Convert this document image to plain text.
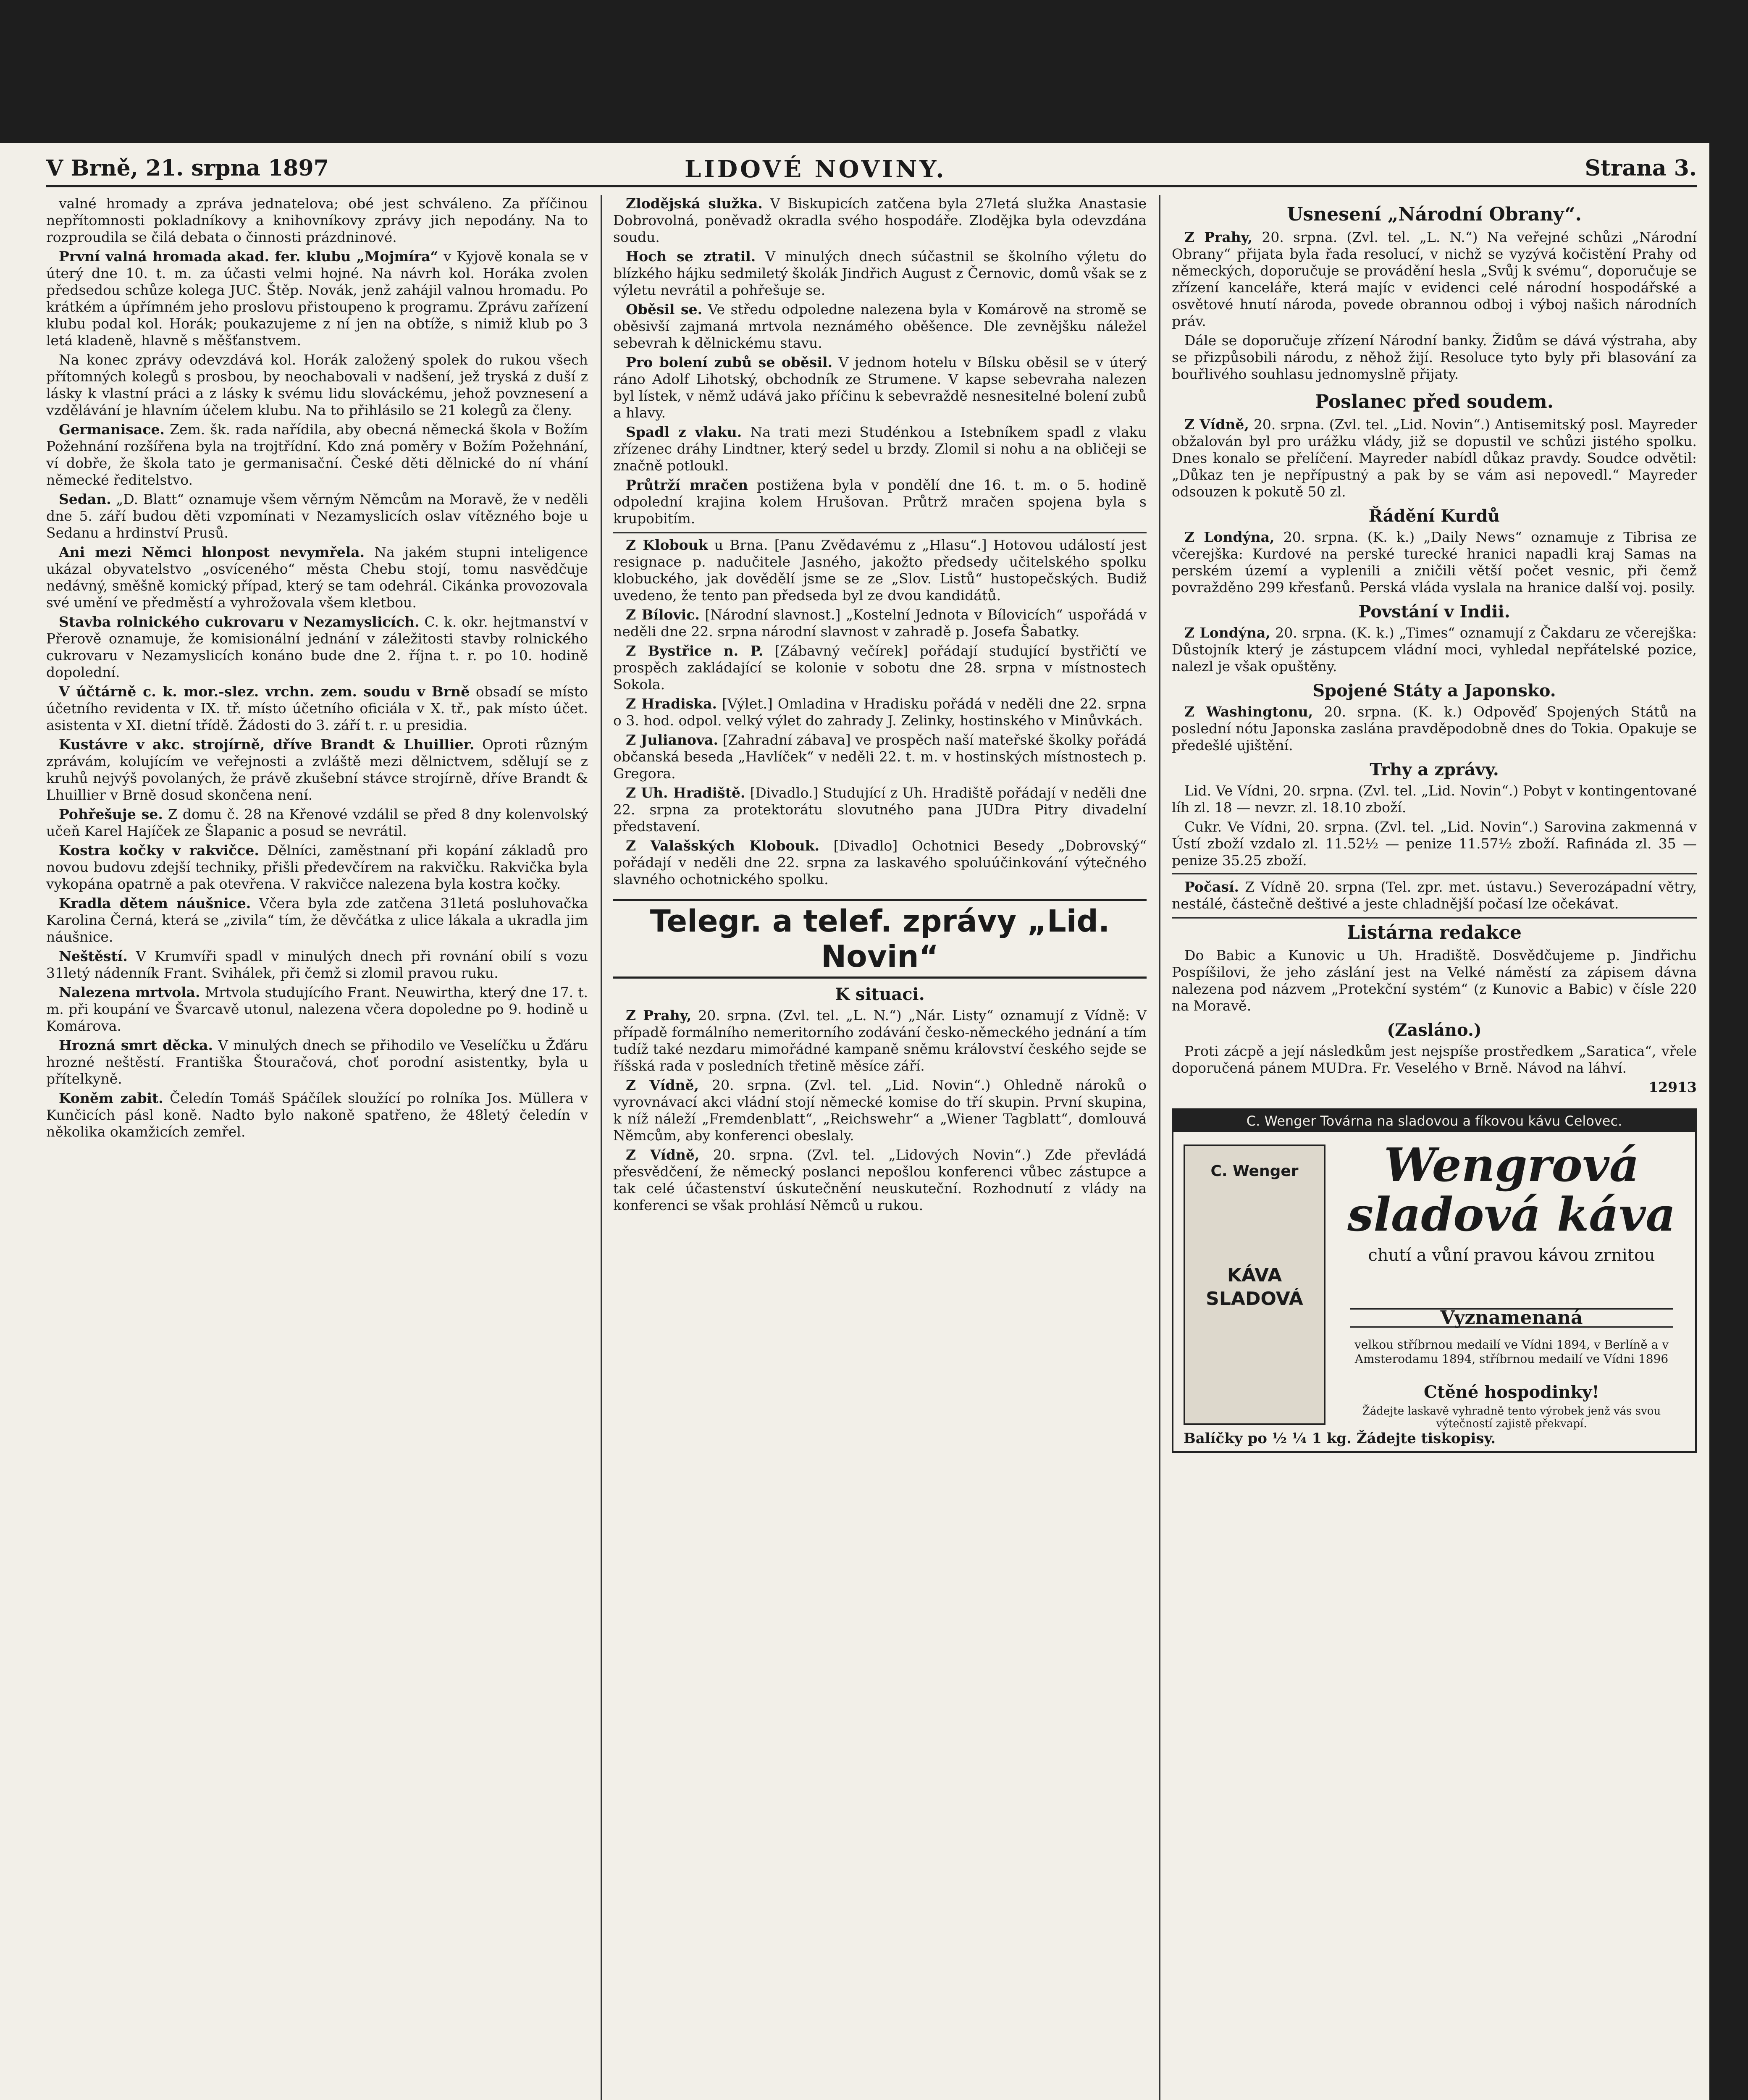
V Brně, 21. srpna 1897	LIDOVÉ NOVINY.	Strana 3.

valné hromady a zpráva jednatelova; obé jest schváleno. Za příčinou nepřítomnosti pokladníkovy a knihovníkovy zprávy jich nepodány. Na to rozproudila se čilá debata o činnosti prázdninové.

První valná hromada akad. fer. klubu „Mojmíra“ v Kyjově konala se v úterý dne 10. t. m. za účasti velmi hojné. Na návrh kol. Horáka zvolen předsedou schůze kolega JUC. Štěp. Novák, jenž zahájil valnou hromadu. Po krátkém a úpřímném jeho proslovu přistoupeno k programu. Zprávu zařízení klubu podal kol. Horák; poukazujeme z ní jen na obtíže, s nimiž klub po 3 letá kladeně, hlavně s měšťanstvem.

Na konec zprávy odevzdává kol. Horák založený spolek do rukou všech přítomných kolegů s prosbou, by neochabovali v nadšení, jež tryská z duší z lásky k vlastní práci a z lásky k svému lidu slováckému, jehož povznesení a vzdělávání je hlavním účelem klubu. Na to přihlásilo se 21 kolegů za členy.

Germanisace. Zem. šk. rada nařídila, aby obecná německá škola v Božím Požehnání rozšířena byla na trojtřídní. Kdo zná poměry v Božím Požehnání, ví dobře, že škola tato je germanisační. České děti dělnické do ní vhání německé ředitelstvo.

Sedan. „D. Blatt“ oznamuje všem věrným Němcům na Moravě, že v neděli dne 5. září budou děti vzpomínati v Nezamyslicích oslav vítězného boje u Sedanu a hrdinství Prusů.

Ani mezi Němci hlonpost nevymřela. Na jakém stupni inteligence ukázal obyvatelstvo „osvícenéhо“ města Chebu stojí, tomu nasvědčuje nedávný, směšně komický případ, který se tam odehrál. Cikánka provozovala své umění ve předměstí a vyhrožovala všem kletbou.

Stavba rolnického cukrovaru v Nezamyslicích. C. k. okr. hejtmanství v Přerově oznamuje, že komisionální jednání v záležitosti stavby rolnického cukrovaru v Nezamyslicích konáno bude dne 2. října t. r. po 10. hodině dopolední.

V účtárně c. k. mor.-slez. vrchn. zem. soudu v Brně obsadí se místo účetního revidenta v IX. tř. místo účetního oficiála v X. tř., pak místo účet. asistenta v XI. dietní třídě. Žádosti do 3. září t. r. u presidia.

Kustávre v akc. strojírně, dříve Brandt & Lhuillier. Oproti různým zprávám, kolujícím ve veřejnosti a zvláště mezi dělnictvem, sdělují se z kruhů nejvýš povolaných, že právě zkušební stávce strojírně, dříve Brandt & Lhuillier v Brně dosud skončena není.

Pohřešuje se. Z domu č. 28 na Křenové vzdálil se před 8 dny kolenvolský učeň Karel Hajíček ze Šlapanic a posud se nevrátil.

Kostra kočky v rakvičce. Dělníci, zaměstnaní při kopání základů pro novou budovu zdejší techniky, přišli předevčírem na rakvičku. Rakvička byla vykopána opatrně a pak otevřena. V rakvičce nalezena byla kostra kočky.

Kradla dětem náušnice. Včera byla zde zatčena 31letá posluhovačka Karolina Černá, která se „zivila“ tím, že děvčátka z ulice lákala a ukradla jim náušnice.

Neštěstí. V Krumvíři spadl v minulých dnech při rovnání obilí s vozu 31letý nádenník Frant. Svihálek, při čemž si zlomil pravou ruku.

Nalezena mrtvola. Mrtvola studujícího Frant. Neuwirtha, který dne 17. t. m. při koupání ve Švarcavě utonul, nalezena včera dopoledne po 9. hodině u Komárova.

Hrozná smrt děcka. V minulých dnech se přihodilo ve Veselíčku u Žďáru hrozné neštěstí. Františka Štouračová, choť porodní asistentky, byla u přítelkyně.

Koněm zabit. Čeledín Tomáš Spáčílek sloužící po rolníka Jos. Müllera v Kunčicích pásl koně. Nadto bylo nakoně spatřeno, že 48letý čeledín v několika okamžicích zemřel.

Zlodějská služka. V Biskupicích zatčena byla 27letá služka Anastasie Dobrovolná, poněvadž okradla svého hospodáře. Zlodějka byla odevzdána soudu.

Hoch se ztratil. V minulých dnech súčastnil se školního výletu do blízkého hájku sedmiletý školák Jindřich August z Černovic, domů však se z výletu nevrátil a pohřešuje se.

Oběsil se. Ve středu odpoledne nalezena byla v Komárově na stromě se oběsivší zajmaná mrtvola neznámého oběšence. Dle zevnějšku náležel sebevrah k dělnickému stavu.

Pro bolení zubů se oběsil. V jednom hotelu v Bílsku oběsil se v úterý ráno Adolf Lihotský, obchodník ze Strumene. V kapse sebevraha nalezen byl lístek, v němž udává jako příčinu k sebevraždě nesnesitelné bolení zubů a hlavy.

Spadl z vlaku. Na trati mezi Studénkou a Istebníkem spadl z vlaku zřízenec dráhy Lindtner, který sedel u brzdy. Zlomil si nohu a na obličeji se značně potloukl.

Průtrží mračen postižena byla v pondělí dne 16. t. m. o 5. hodině odpolední krajina kolem Hrušovan. Průtrž mračen spojena byla s krupobitím.

Z Klobouk u Brna. [Panu Zvědavému z „Hlasu“.] Hotovou událostí jest resignace p. nadučitele Jasného, jakožto předsedy učitelského spolku klobuckého, jak dovědělí jsme se ze „Slov. Listů“ hustopečských. Budiž uvedeno, že tento pan předseda byl ze dvou kandidátů.

Z Bílovic. [Národní slavnost.] „Kostelní Jednota v Bílovicích“ uspořádá v neděli dne 22. srpna národní slavnost v zahradě p. Josefa Šabatky.

Z Bystřice n. P. [Zábavný večírek] pořádají studující bystřičtí ve prospěch zakládající se kolonie v sobotu dne 28. srpna v místnostech Sokola.

Z Hradiska. [Výlet.] Omladina v Hradisku pořádá v neděli dne 22. srpna o 3. hod. odpol. velký výlet do zahrady J. Zelinky, hostinského v Minůvkách.

Z Julianova. [Zahradní zábava] ve prospěch naší mateřské školky pořádá občanská beseda „Havlíček“ v neděli 22. t. m. v hostinských místnostech p. Gregora.

Z Uh. Hradiště. [Divadlo.] Studující z Uh. Hradiště pořádají v neděli dne 22. srpna za protektorátu slovutného pana JUDra Pitry divadelní představení.

Z Valašských Klobouk. [Divadlo] Ochotnici Besedy „Dobrovský“ pořádají v neděli dne 22. srpna za laskavého spoluúčinkování výtečného slavného ochotnického spolku.

Telegr. a telef. zprávy „Lid. Novin“
K situaci.

Z Prahy, 20. srpna. (Zvl. tel. „L. N.“) „Nár. Listy“ oznamují z Vídně: V případě formálního nemeritorního zodávání česko-německého jednání a tím tudíž také nezdaru mimořádné kampaně sněmu království českého sejde se říšská rada v posledních třetině měsíce září.

Z Vídně, 20. srpna. (Zvl. tel. „Lid. Novin“.) Ohledně nároků o vyrovnávací akci vládní stojí německé komise do tří skupin. První skupina, k níž náleží „Fremdenblatt“, „Reichswehr“ a „Wiener Tagblatt“, domlouvá Němcům, aby konferenci obeslaly.

Z Vídně, 20. srpna. (Zvl. tel. „Lidových Novin“.) Zde převládá přesvědčení, že německý poslanci nepošlou konferenci vůbec zástupce a tak celé účastenství úskutečnění neuskuteční. Rozhodnutí z vlády na konferenci se však prohlásí Němců u rukou.

Usnesení „Národní Obrany“.

Z Prahy, 20. srpna. (Zvl. tel. „L. N.“) Na veřejné schůzi „Národní Obrany“ přijata byla řada resolucí, v nichž se vyzývá kočistění Prahy od německých, doporučuje se provádění hesla „Svůj k svému“, doporučuje se zřízení kanceláře, která majíc v evidenci celé národní hospodářské a osvětové hnutí národa, povede obrannou odboj i výboj našich národních práv.

Dále se doporučuje zřízení Národní banky. Židům se dává výstraha, aby se přizpůsobili národu, z něhož žijí. Resoluce tyto byly při blasování za bouřlivého souhlasu jednomyslně přijaty.

Poslanec před soudem.

Z Vídně, 20. srpna. (Zvl. tel. „Lid. Novin“.) Antisemitský posl. Mayreder obžalován byl pro urážku vlády, již se dopustil ve schůzi jistého spolku. Dnes konalo se přelíčení. Mayreder nabídl důkaz pravdy. Soudce odvětil: „Důkaz ten je nepřípustný a pak by se vám asi nepovedl.“ Mayreder odsouzen k pokutě 50 zl.

Řádění Kurdů

Z Londýna, 20. srpna. (K. k.) „Daily News“ oznamuje z Tibrisa ze včerejška: Kurdové na perské turecké hranici napadli kraj Samas na perském území a vyplenili a zničili větší počet vesnic, při čemž povražděno 299 křesťanů. Perská vláda vyslala na hranice další voj. posily.

Povstání v Indii.

Z Londýna, 20. srpna. (K. k.) „Times“ oznamují z Čakdaru ze včerejška: Důstojník který je zástupcem vládní moci, vyhledal nepřátelské pozice, nalezl je však opuštěny.

Spojené Státy a Japonsko.

Z Washingtonu, 20. srpna. (K. k.) Odpověď Spojených Států na poslední nótu Japonska zaslána pravděpodobně dnes do Tokia. Opakuje se předešlé ujištění.

Trhy a zprávy.

Lid. Ve Vídni, 20. srpna. (Zvl. tel. „Lid. Novin“.) Pobyt v kontingentované líh zl. 18 — nevzr. zl. 18.10 zboží.

Cukr. Ve Vídni, 20. srpna. (Zvl. tel. „Lid. Novin“.) Sarovina zakmenná v Ústí zboží vzdalo zl. 11.52½ — penize 11.57½ zboží. Rafináda zl. 35 — penize 35.25 zboží.

Počasí. Z Vídně 20. srpna (Tel. zpr. met. ústavu.) Severozápadní větry, nestálé, částečně deštivé a jeste chladnější počasí lze očekávat.

Listárna redakce

Do Babic a Kunovic u Uh. Hradiště. Dosvědčujeme p. Jindřichu Pospíšilovi, že jeho záslání jest na Velké náměstí za zápisem dávna nalezena pod názvem „Protekční systém“ (z Kunovic a Babic) v čísle 220 na Moravě.

(Zasláno.)

Proti zácpě a její následkům jest nejspíše prostředkem „Saratica“, vřele doporučená pánem MUDra. Fr. Veselého v Brně. Návod na láhví.

12913
C. Wenger Továrna na sladovou a fíkovou kávu Celovec.
C. Wenger
KÁVA SLADOVÁ
Wengrová sladová káva
chutí a vůní pravou kávou zrnitou
Vyznamenaná
velkou stříbrnou medailí ve Vídni 1894, v Berlíně a v Amsterodamu 1894, stříbrnou medailí ve Vídni 1896
Ctěné hospodinky!
Žádejte laskavě vyhradně tento výrobek jenž vás svou výtečností zajistě překvapí.
Balíčky po ½ ¼ 1 kg. Žádejte tiskopisy.
